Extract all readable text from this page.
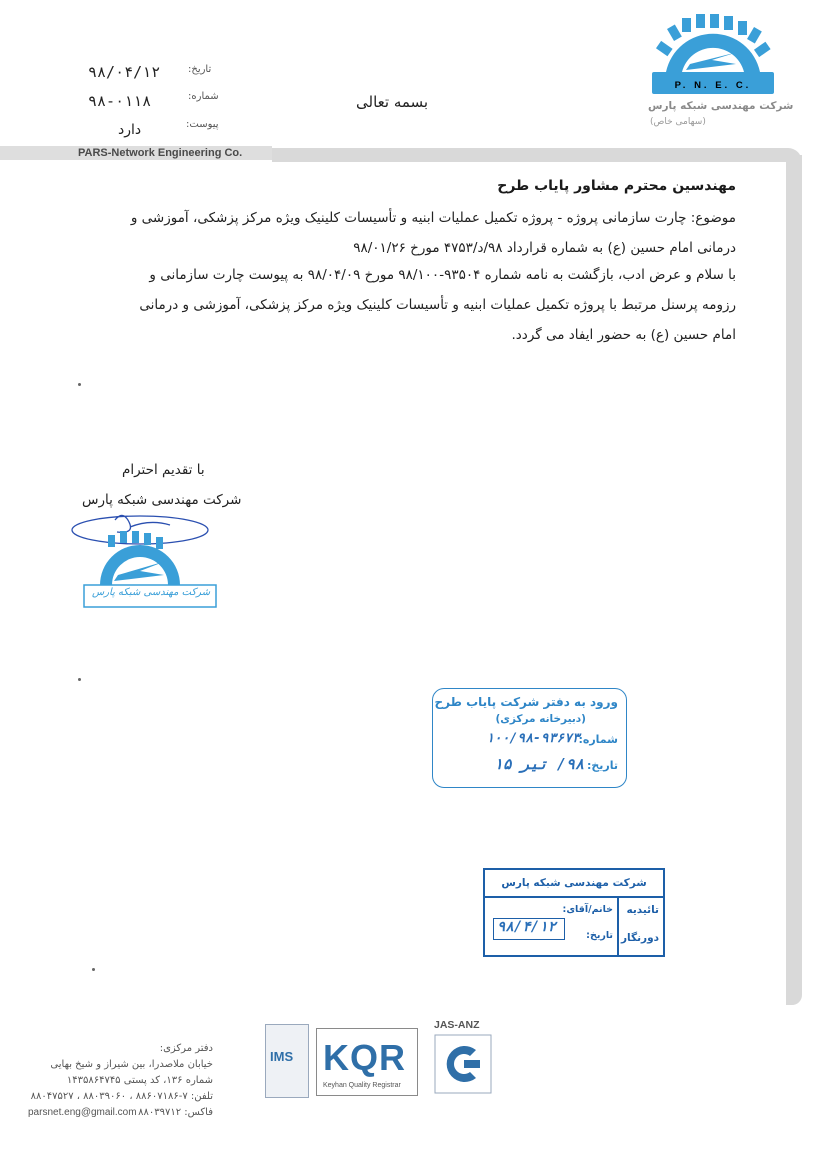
تاریخ:
۹۸/۰۴/۱۲
شماره:
۹۸-۰۱۱۸
پیوست:
دارد
بسمه تعالی
P. N. E. C.
شرکت مهندسی شبکه پارس
(سهامی خاص)
PARS-Network Engineering Co.
مهندسین محترم مشاور پایاب طرح
موضوع: چارت سازمانی پروژه - پروژه تکمیل عملیات ابنیه و تأسیسات کلینیک ویژه مرکز پزشکی، آموزشی و
درمانی امام حسین (ع) به شماره قرارداد ۹۸/د/۴۷۵۳ مورخ ۹۸/۰۱/۲۶
با سلام و عرض ادب، بازگشت به نامه شماره ۹۳۵۰۴-۹۸/۱۰۰ مورخ ۹۸/۰۴/۰۹ به پیوست چارت سازمانی و
رزومه پرسنل مرتبط با پروژه تکمیل عملیات ابنیه و تأسیسات کلینیک ویژه مرکز پزشکی، آموزشی و درمانی
امام حسین (ع) به حضور ایفاد می گردد.
با تقدیم احترام
شرکت مهندسی شبکه پارس
شرکت مهندسی شبکه پارس
ورود به دفتر شرکت پایاب طرح
(دبیرخانه مرکزی)
شماره:
۱۰۰/۹۸-۹۳۶۷۳
تاریخ:
۹۸/ تیر ۱۵
شرکت مهندسی شبکه پارس
تائیدیه
دورنگار
خانم/آقای:
تاریخ:
۹۸/۴/۱۲
دفتر مرکزی:
خیابان ملاصدرا، بین شیراز و شیخ بهایی
شماره ۱۳۶، کد پستی ۱۴۳۵۸۶۴۷۴۵
تلفن: ۷-۸۸۶۰۷۱۸۶ ، ۸۸۰۳۹۰۶۰ ، ۸۸۰۴۷۵۲۷
فاکس: ۸۸۰۳۹۷۱۲
parsnet.eng@gmail.com
IMS KQR
Keyhan Quality Registrar
JAS-ANZ
